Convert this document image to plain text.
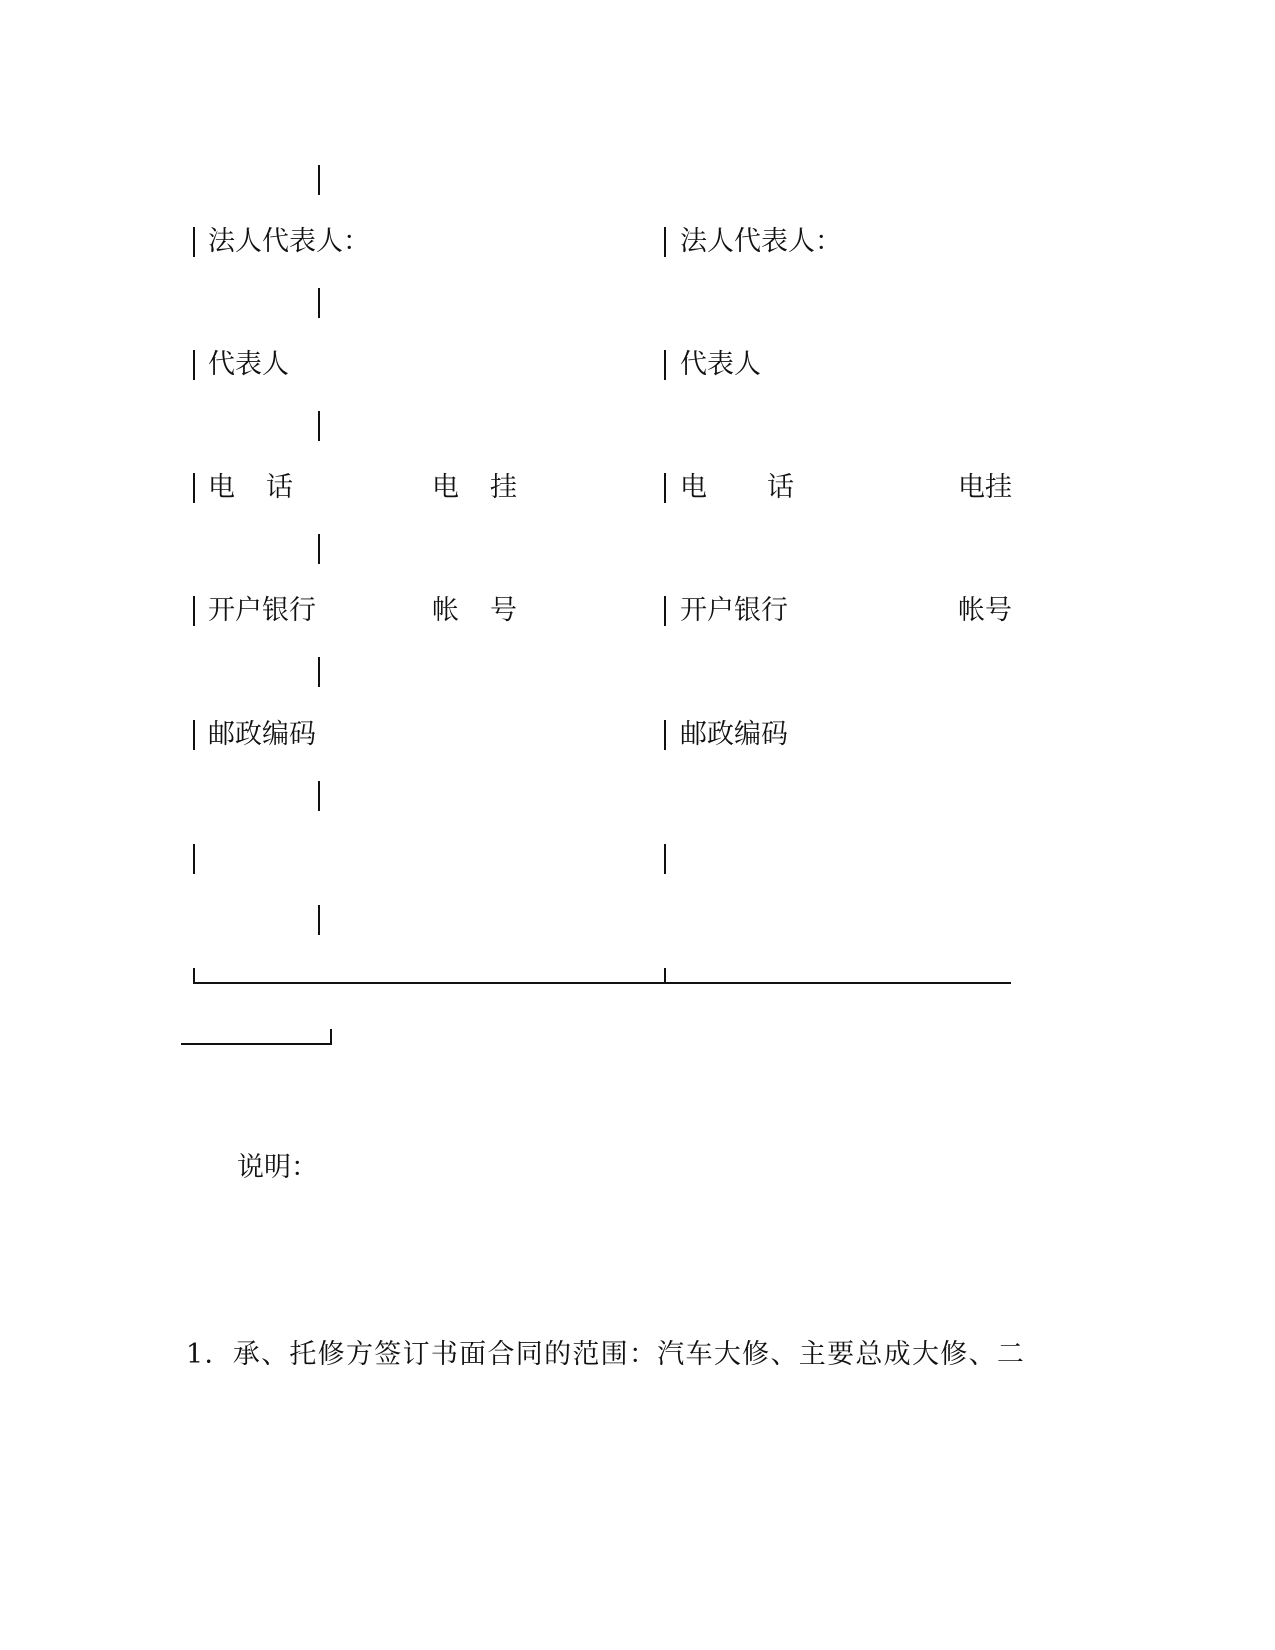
法人代表人：	法人代表人：
代表人	代表人
电　话	电　挂	电　　话	电挂
开户银行	帐　号	开户银行	帐号
邮政编码	邮政编码
说明：
1．承、托修方签订书面合同的范围：汽车大修、主要总成大修、二
